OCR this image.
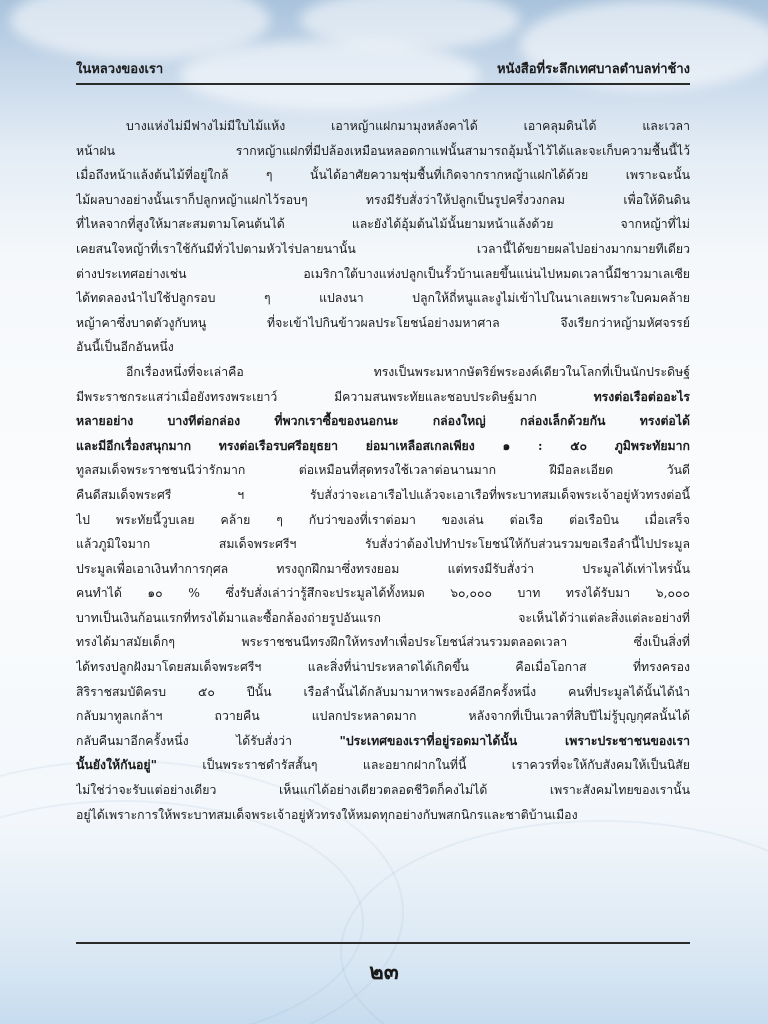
ในหลวงของเรา	หนังสือที่ระลึกเทศบาลตำบลท่าช้าง
บางแห่งไม่มีฟางไม่มีใบไม้แห้ง เอาหญ้าแฝกมามุงหลังคาได้ เอาคลุมดินได้ และเวลา
หน้าฝน รากหญ้าแฝกที่มีปล้องเหมือนหลอดกาแฟนั้นสามารถอุ้มน้ำไว้ได้และจะเก็บความชื้นนี้ไว้
เมื่อถึงหน้าแล้งต้นไม้ที่อยู่ใกล้ ๆ นั้นได้อาศัยความชุ่มชื้นที่เกิดจากรากหญ้าแฝกได้ด้วย เพราะฉะนั้น
ไม้ผลบางอย่างนั้นเราก็ปลูกหญ้าแฝกไว้รอบๆ ทรงมีรับสั่งว่าให้ปลูกเป็นรูปครึ่งวงกลม เพื่อให้ดินดิน
ที่ไหลจากที่สูงให้มาสะสมตามโคนต้นได้ และยังได้อุ้มต้นไม้นั้นยามหน้าแล้งด้วย จากหญ้าที่ไม่
เคยสนใจหญ้าที่เราใช้กันมีทั่วไปตามหัวไร่ปลายนานั้น เวลานี้ได้ขยายผลไปอย่างมากมายทีเดียว
ต่างประเทศอย่างเช่น อเมริกาใต้บางแห่งปลูกเป็นรั้วบ้านเลยขึ้นแน่นไปหมดเวลานี้มีชาวมาเลเซีย
ได้ทดลองนำไปใช้ปลูกรอบ ๆ แปลงนา ปลูกให้ถี่หนูและงูไม่เข้าไปในนาเลยเพราะใบคมคล้าย
หญ้าคาซึ่งบาดตัวงูกับหนู ที่จะเข้าไปกินข้าวผลประโยชน์อย่างมหาศาล จึงเรียกว่าหญ้ามหัศจรรย์
อันนี้เป็นอีกอันหนึ่ง
อีกเรื่องหนึ่งที่จะเล่าคือ ทรงเป็นพระมหากษัตริย์พระองค์เดียวในโลกที่เป็นนักประดิษฐ์
มีพระราชกระแสว่าเมื่อยังทรงพระเยาว์ มีความสนพระทัยและชอบประดิษฐ์มาก ทรงต่อเรือต่ออะไร
หลายอย่าง บางทีต่อกล่อง ที่พวกเราซื้อของนอกนะ กล่องใหญ่ กล่องเล็กด้วยกัน ทรงต่อได้
และมีอีกเรื่องสนุกมาก ทรงต่อเรือรบศรีอยุธยา ย่อมาเหลือสเกลเพียง ๑ : ๕๐ ภูมิพระทัยมาก
ทูลสมเด็จพระราชชนนีว่ารักมาก ต่อเหมือนที่สุดทรงใช้เวลาต่อนานมาก ฝีมือละเอียด วันดี
คืนดีสมเด็จพระศรี ฯ รับสั่งว่าจะเอาเรือไปแล้วจะเอาเรือที่พระบาทสมเด็จพระเจ้าอยู่หัวทรงต่อนี้
ไป พระทัยนี้วูบเลย คล้าย ๆ กับว่าของที่เราต่อมา ของเล่น ต่อเรือ ต่อเรือบิน เมื่อเสร็จ
แล้วภูมิใจมาก สมเด็จพระศรีฯ รับสั่งว่าต้องไปทำประโยชน์ให้กับส่วนรวมขอเรือลำนี้ไปประมูล
ประมูลเพื่อเอาเงินทำการกุศล ทรงถูกฝึกมาซึ่งทรงยอม แต่ทรงมีรับสั่งว่า ประมูลได้เท่าไหร่นั้น
คนทำได้ ๑๐ % ซึ่งรับสั่งเล่าว่ารู้สึกจะประมูลได้ทั้งหมด ๖๐,๐๐๐ บาท ทรงได้รับมา ๖,๐๐๐
บาทเป็นเงินก้อนแรกที่ทรงได้มาและซื้อกล้องถ่ายรูปอันแรก จะเห็นได้ว่าแต่ละสิ่งแต่ละอย่างที่
ทรงได้มาสมัยเด็กๆ พระราชชนนีทรงฝึกให้ทรงทำเพื่อประโยชน์ส่วนรวมตลอดเวลา ซึ่งเป็นสิ่งที่
ได้ทรงปลูกฝังมาโดยสมเด็จพระศรีฯ และสิ่งที่น่าประหลาดได้เกิดขึ้น คือเมื่อโอกาส ที่ทรงครอง
สิริราชสมบัติครบ ๕๐ ปีนั้น เรือลำนั้นได้กลับมามาหาพระองค์อีกครั้งหนึ่ง คนที่ประมูลได้นั้นได้นำ
กลับมาทูลเกล้าฯ ถวายคืน แปลกประหลาดมาก หลังจากที่เป็นเวลาที่สิบปีไม่รู้บุญกุศลนั้นได้
กลับคืนมาอีกครั้งหนึ่ง ได้รับสั่งว่า "ประเทศของเราที่อยู่รอดมาได้นั้น เพราะประชาชนของเรา
นั้นยังให้กันอยู่" เป็นพระราชดำรัสสั้นๆ และอยากฝากในที่นี้ เราควรที่จะให้กับสังคมให้เป็นนิสัย
ไม่ใช่ว่าจะรับแต่อย่างเดียว เห็นแก่ได้อย่างเดียวตลอดชีวิตก็คงไม่ได้ เพราะสังคมไทยของเรานั้น
อยู่ได้เพราะการให้พระบาทสมเด็จพระเจ้าอยู่หัวทรงให้หมดทุกอย่างกับพสกนิกรและชาติบ้านเมือง
๒๓
